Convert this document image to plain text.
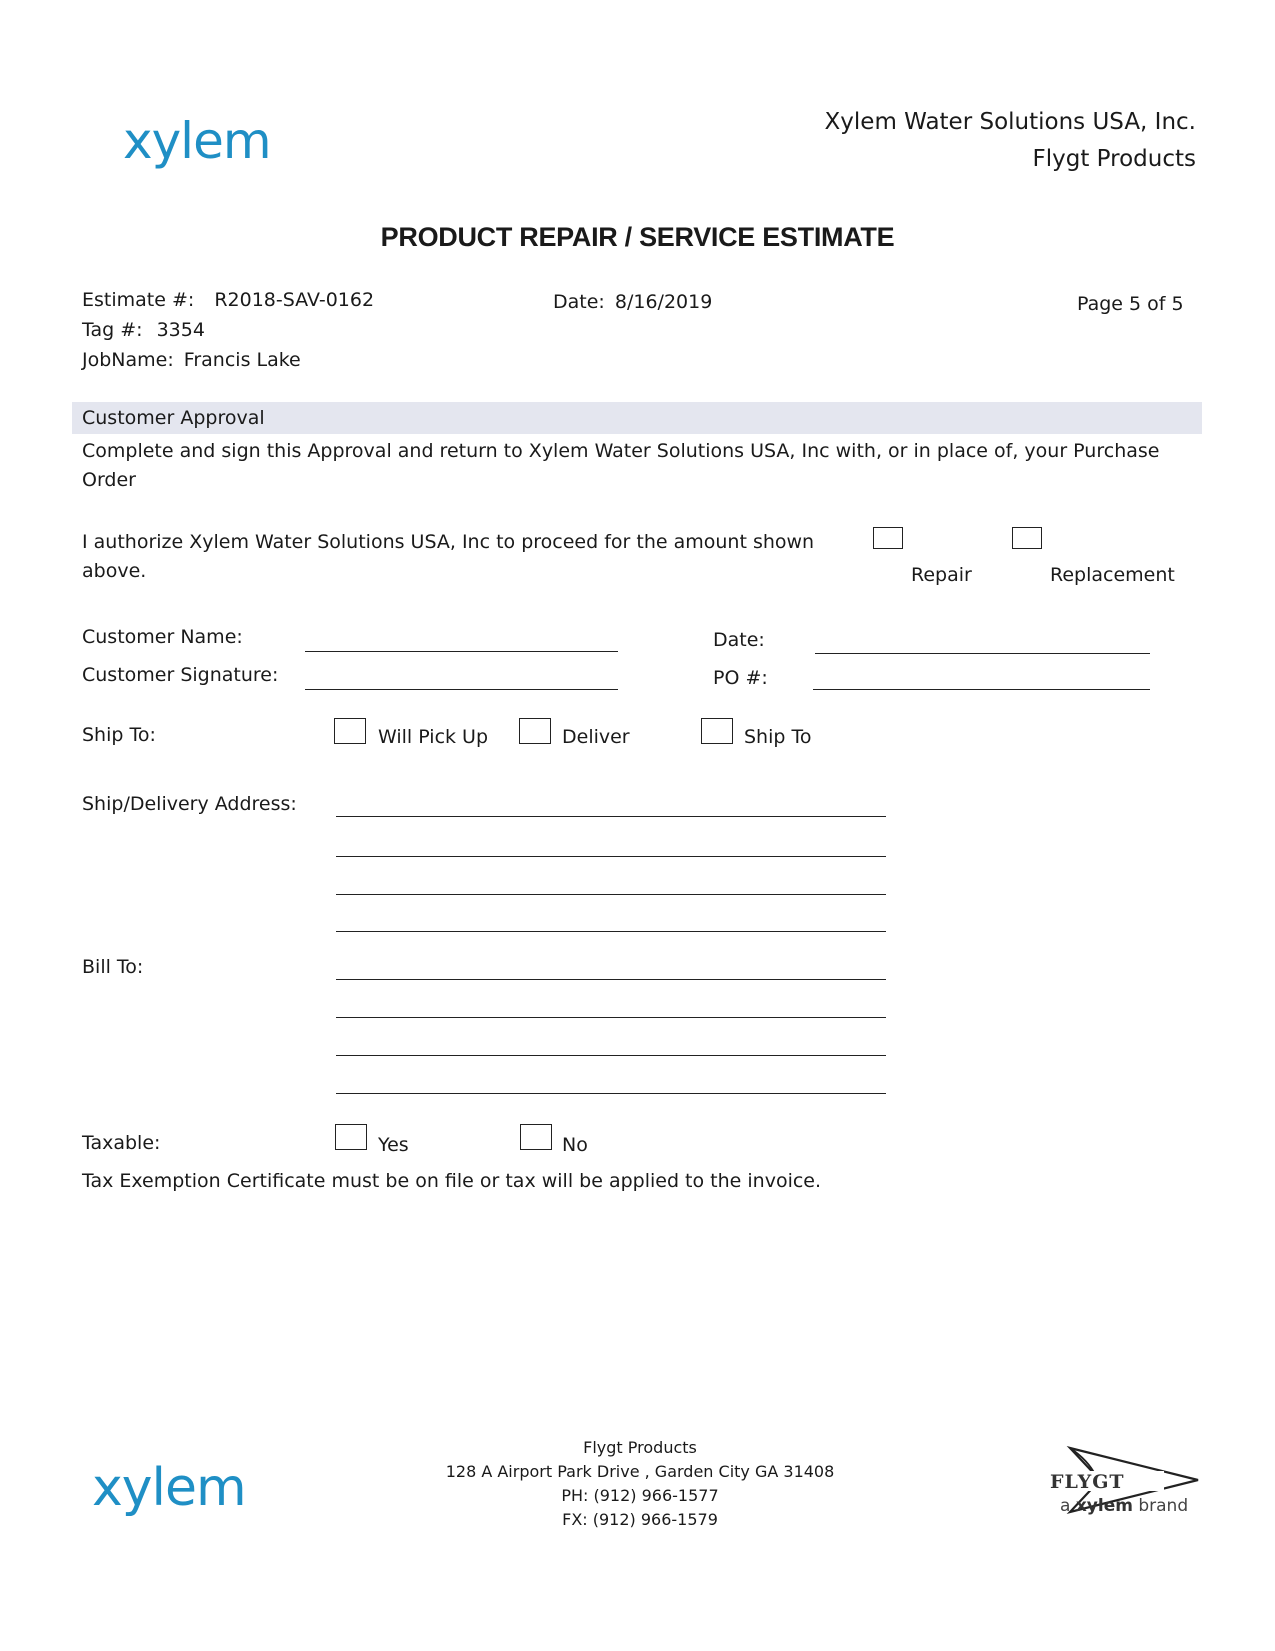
xylem	Xylem Water Solutions USA, Inc.
Flygt Products
PRODUCT REPAIR / SERVICE ESTIMATE
Estimate #: R2018-SAV-0162
Tag #: 3354
JobName: Francis Lake
Date: 8/16/2019	Page 5 of 5
Customer Approval
Complete and sign this Approval and return to Xylem Water Solutions USA, Inc with, or in place of, your Purchase
Order
I authorize Xylem Water Solutions USA, Inc to proceed for the amount shown
above.	Repair	Replacement
Customer Name:
Customer Signature:
Date:
PO #:
Ship To:	Will Pick Up	Deliver	Ship To
Ship/Delivery Address:
Bill To:
Taxable:	Yes	No
Tax Exemption Certificate must be on file or tax will be applied to the invoice.
xylem
Flygt Products
128 A Airport Park Drive , Garden City GA 31408
PH: (912) 966-1577
FX: (912) 966-1579
FLYGT
a xylem brand
